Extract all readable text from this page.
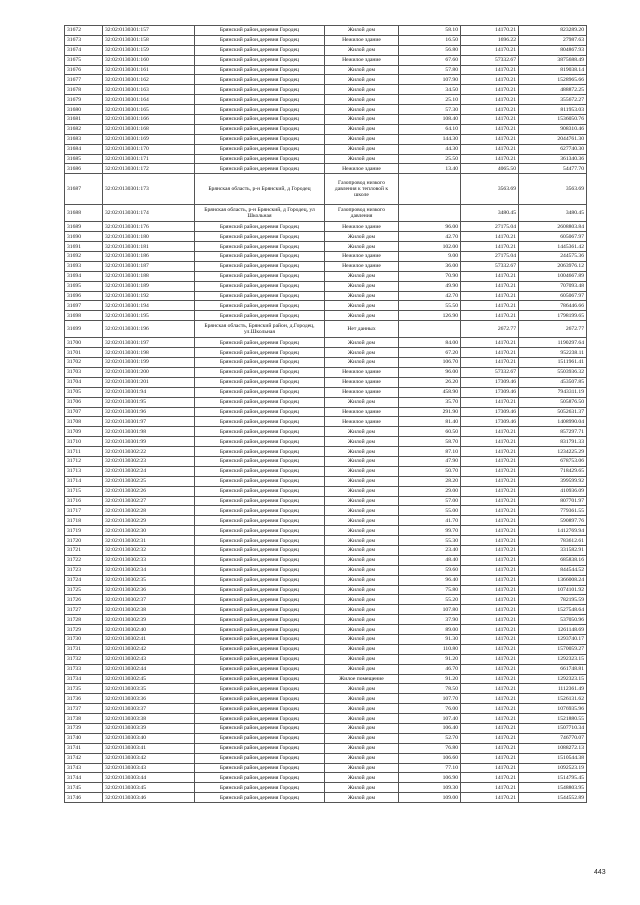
31672	32:02:0130301:157	Брянский район,деревня Городец	Жилой дом	58.10	14170.21	823289.20
31673	32:02:0130301:158	Брянский район,деревня Городец	Нежилое здание	16.50	1696.22	27987.63
31674	32:02:0130301:159	Брянский район,деревня Городец	Жилой дом	56.80	14170.21	804867.93
31675	32:02:0130301:160	Брянский район,деревня Городец	Нежилое здание	67.60	57332.67	3875688.49
31676	32:02:0130301:161	Брянский район,деревня Городец	Жилой дом	57.80	14170.21	819038.14
31677	32:02:0130301:162	Брянский район,деревня Городец	Жилой дом	107.90	14170.21	1528965.66
31678	32:02:0130301:163	Брянский район,деревня Городец	Жилой дом	34.50	14170.21	488872.25
31679	32:02:0130301:164	Брянский район,деревня Городец	Жилой дом	25.10	14170.21	355672.27
31680	32:02:0130301:165	Брянский район,деревня Городец	Жилой дом	57.30	14170.21	811953.03
31681	32:02:0130301:166	Брянский район,деревня Городец	Жилой дом	108.40	14170.21	1536050.76
31682	32:02:0130301:168	Брянский район,деревня Городец	Жилой дом	64.10	14170.21	908310.46
31683	32:02:0130301:169	Брянский район,деревня Городец	Жилой дом	144.30	14170.21	2044761.30
31684	32:02:0130301:170	Брянский район,деревня Городец	Жилой дом	44.30	14170.21	627740.30
31685	32:02:0130301:171	Брянский район,деревня Городец	Жилой дом	25.50	14170.21	361340.36
31686	32:02:0130301:172	Брянский район,деревня Городец	Нежилое здание	13.40	4065.50	54477.70
31687	32:02:0130301:173	Брянская область, р-н Брянский, д Городец	Газопровод низкого давления к тепловой к школе		3563.69	3563.69
31688	32:02:0130301:174	Брянская область, р-н Брянский, д Городец, ул Школьная	Газопровод низкого давления		3480.45	3480.45
31689	32:02:0130301:176	Брянский район,деревня Городец	Нежилое здание	96.00	27175.04	2608803.84
31690	32:02:0130301:180	Брянский район,деревня Городец	Жилой дом	42.70	14170.21	605067.97
31691	32:02:0130301:181	Брянский район,деревня Городец	Жилой дом	102.00	14170.21	1445361.42
31692	32:02:0130301:186	Брянский район,деревня Городец	Нежилое здание	9.00	27175.04	244575.36
31693	32:02:0130301:187	Брянский район,деревня Городец	Нежилое здание	36.00	57332.67	2063976.12
31694	32:02:0130301:188	Брянский район,деревня Городец	Жилой дом	70.90	14170.21	1004667.89
31695	32:02:0130301:189	Брянский район,деревня Городец	Жилой дом	49.90	14170.21	707093.48
31696	32:02:0130301:192	Брянский район,деревня Городец	Жилой дом	42.70	14170.21	605067.97
31697	32:02:0130301:194	Брянский район,деревня Городец	Жилой дом	55.50	14170.21	786446.66
31698	32:02:0130301:195	Брянский район,деревня Городец	Жилой дом	126.90	14170.21	1798199.65
31699	32:02:0130301:196	Брянская область, Брянский район, д.Городец, ул.Школьная	Нет данных		2672.77	2672.77
31700	32:02:0130301:197	Брянский район,деревня Городец	Жилой дом	84.00	14170.21	1190297.64
31701	32:02:0130301:198	Брянский район,деревня Городец	Жилой дом	67.20	14170.21	952238.11
31702	32:02:0130301:199	Брянский район,деревня Городец	Жилой дом	106.70	14170.21	1511961.41
31703	32:02:0130301:200	Брянский район,деревня Городец	Нежилое здание	96.00	57332.67	5503936.32
31704	32:02:0130301:201	Брянский район,деревня Городец	Нежилое здание	26.20	17309.46	453507.85
31705	32:02:0130301:94	Брянский район,деревня Городец	Нежилое здание	458.90	17309.46	7943311.19
31706	32:02:0130301:95	Брянский район,деревня Городец	Жилой дом	35.70	14170.21	505876.50
31707	32:02:0130301:96	Брянский район,деревня Городец	Нежилое здание	291.90	17309.46	5052631.37
31708	32:02:0130301:97	Брянский район,деревня Городец	Нежилое здание	81.40	17309.46	1408990.04
31709	32:02:0130301:98	Брянский район,деревня Городец	Жилой дом	60.50	14170.21	857297.71
31710	32:02:0130301:99	Брянский район,деревня Городец	Жилой дом	58.70	14170.21	831791.33
31711	32:02:0130302:22	Брянский район,деревня Городец	Жилой дом	87.10	14170.21	1234225.29
31712	32:02:0130302:23	Брянский район,деревня Городец	Жилой дом	47.90	14170.21	678753.06
31713	32:02:0130302:24	Брянский район,деревня Городец	Жилой дом	50.70	14170.21	718429.65
31714	32:02:0130302:25	Брянский район,деревня Городец	Жилой дом	28.20	14170.21	399599.92
31715	32:02:0130302:26	Брянский район,деревня Городец	Жилой дом	29.00	14170.21	410936.09
31716	32:02:0130302:27	Брянский район,деревня Городец	Жилой дом	57.00	14170.21	807701.97
31717	32:02:0130302:28	Брянский район,деревня Городец	Жилой дом	55.00	14170.21	779361.55
31718	32:02:0130302:29	Брянский район,деревня Городец	Жилой дом	41.70	14170.21	590897.76
31719	32:02:0130302:30	Брянский район,деревня Городец	Жилой дом	99.70	14170.21	1412769.94
31720	32:02:0130302:31	Брянский район,деревня Городец	Жилой дом	55.30	14170.21	783612.61
31721	32:02:0130302:32	Брянский район,деревня Городец	Жилой дом	23.40	14170.21	331582.91
31722	32:02:0130302:33	Брянский район,деревня Городец	Жилой дом	48.40	14170.21	685838.16
31723	32:02:0130302:34	Брянский район,деревня Городец	Жилой дом	59.60	14170.21	844544.52
31724	32:02:0130302:35	Брянский район,деревня Городец	Жилой дом	96.40	14170.21	1366008.24
31725	32:02:0130302:36	Брянский район,деревня Городец	Жилой дом	75.80	14170.21	1074101.92
31726	32:02:0130302:37	Брянский район,деревня Городец	Жилой дом	55.20	14170.21	782195.59
31727	32:02:0130302:38	Брянский район,деревня Городец	Жилой дом	107.80	14170.21	1527548.64
31728	32:02:0130302:39	Брянский район,деревня Городец	Жилой дом	37.90	14170.21	537050.96
31729	32:02:0130302:40	Брянский район,деревня Городец	Жилой дом	89.00	14170.21	1261148.69
31730	32:02:0130302:41	Брянский район,деревня Городец	Жилой дом	91.30	14170.21	1293740.17
31731	32:02:0130302:42	Брянский район,деревня Городец	Жилой дом	110.80	14170.21	1570059.27
31732	32:02:0130302:43	Брянский район,деревня Городец	Жилой дом	91.20	14170.21	1292323.15
31733	32:02:0130302:44	Брянский район,деревня Городец	Жилой дом	46.70	14170.21	661748.81
31734	32:02:0130302:45	Брянский район,деревня Городец	Жилое помещение	91.20	14170.21	1292323.15
31735	32:02:0130303:35	Брянский район,деревня Городец	Жилой дом	78.50	14170.21	1112361.49
31736	32:02:0130303:36	Брянский район,деревня Городец	Жилой дом	107.70	14170.21	1526131.62
31737	32:02:0130303:37	Брянский район,деревня Городец	Жилой дом	76.00	14170.21	1076935.96
31738	32:02:0130303:38	Брянский район,деревня Городец	Жилой дом	107.40	14170.21	1521880.55
31739	32:02:0130303:39	Брянский район,деревня Городец	Жилой дом	106.40	14170.21	1507710.34
31740	32:02:0130303:40	Брянский район,деревня Городец	Жилой дом	52.70	14170.21	746770.07
31741	32:02:0130303:41	Брянский район,деревня Городец	Жилой дом	76.80	14170.21	1088272.13
31742	32:02:0130303:42	Брянский район,деревня Городец	Жилой дом	106.60	14170.21	1510544.38
31743	32:02:0130303:43	Брянский район,деревня Городец	Жилой дом	77.10	14170.21	1092523.19
31744	32:02:0130303:44	Брянский район,деревня Городец	Жилой дом	106.90	14170.21	1514795.45
31745	32:02:0130303:45	Брянский район,деревня Городец	Жилой дом	109.30	14170.21	1548803.95
31746	32:02:0130303:46	Брянский район,деревня Городец	Жилой дом	109.00	14170.21	1544552.89
443
